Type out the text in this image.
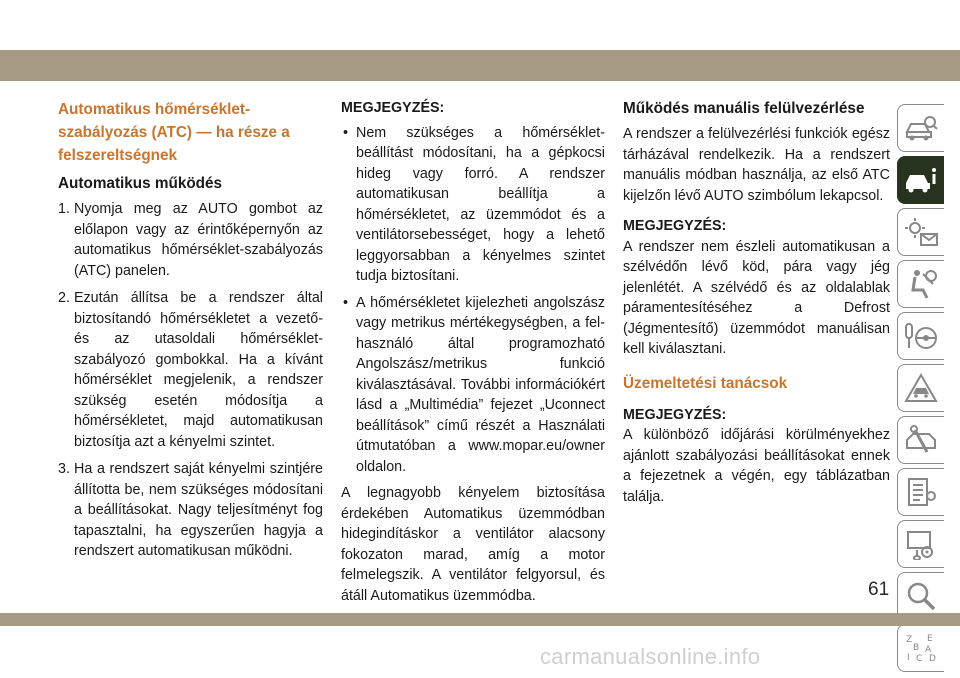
Automatikus hőmérséklet-
szabályozás (ATC) — ha része a
felszereltségnek
Automatikus működés
1. Nyomja meg az AUTO gombot az előlapon vagy az érintőképernyőn az automatikus hőmérséklet-szabályozás (ATC) panelen.
2. Ezután állítsa be a rendszer által biztosítandó hőmérsékletet a vezető- és az utasoldali hőmérséklet-szabályozó gombokkal. Ha a kívánt hőmérséklet megjelenik, a rendszer szükség esetén módosítja a hőmérsékletet, majd automatikusan biztosítja azt a kényelmi szintet.
3. Ha a rendszert saját kényelmi szintjére állította be, nem szükséges módosítani a beállításokat. Nagy teljesítményt fog tapasztalni, ha egyszerűen hagyja a rendszert automatikusan működni.
MEGJEGYZÉS:
• Nem szükséges a hőmérséklet-beállítást módosítani, ha a gépkocsi hideg vagy forró. A rendszer automatikusan beállítja a hőmérsékletet, az üzemmódot és a ventilátorsebességet, hogy a lehető leggyorsabban a kényelmes szintet tudja biztosítani.
• A hőmérsékletet kijelezheti angolszász vagy metrikus mértékegységben, a felhasználó által programozható Angolszász/metrikus funkció kiválasztásával. További információkért lásd a „Multimédia” fejezet „Uconnect beállítások” című részét a Használati útmutatóban a www.mopar.eu/owner oldalon.

A legnagyobb kényelem biztosítása érdekében Automatikus üzemmódban hidegindításkor a ventilátor alacsony fokozaton marad, amíg a motor felmelegszik. A ventilátor felgyorsul, és átáll Automatikus üzemmódba.

Működés manuális felülvezérlése

A rendszer a felülvezérlési funkciók egész tárházával rendelkezik. Ha a rendszert manuális módban használja, az első ATC kijelzőn lévő AUTO szimbólum lekapcsol.

MEGJEGYZÉS:

A rendszer nem észleli automatikusan a szélvédőn lévő köd, pára vagy jég jelenlétét. A szélvédő és az oldalablak páramentesítéséhez a Defrost (Jégmentesítő) üzemmódot manuálisan kell kiválasztani.

Üzemeltetési tanácsok
MEGJEGYZÉS:

A különböző időjárási körülményekhez ajánlott szabályozási beállításokat ennek a fejezetnek a végén, egy táblázatban találja.

Z E
B A
I C D
61
carmanualsonline.info
